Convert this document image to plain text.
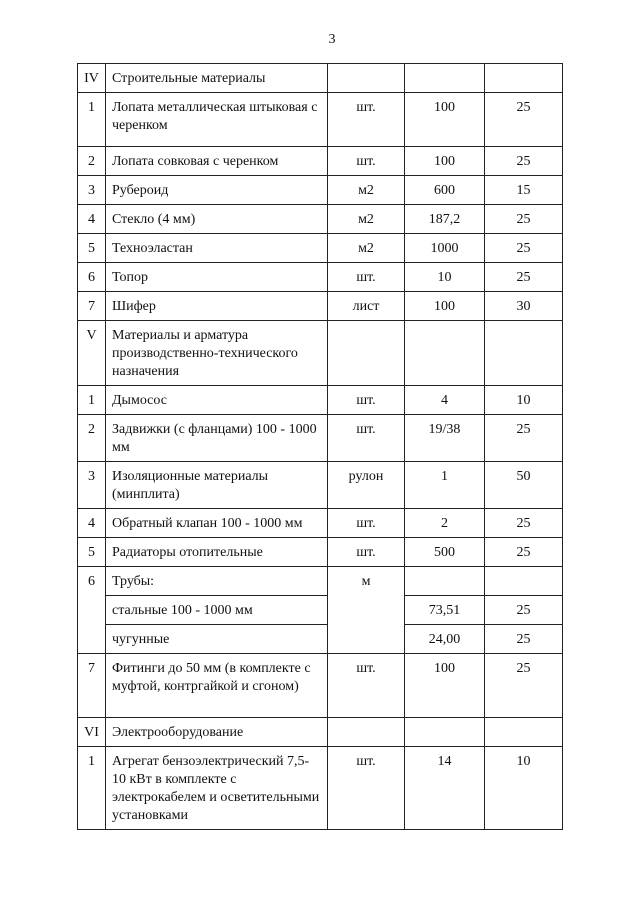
3
IV	Строительные материалы			
1	Лопата металлическая штыковая с черенком	шт.	100	25
2	Лопата совковая с черенком	шт.	100	25
3	Рубероид	м2	600	15
4	Стекло (4 мм)	м2	187,2	25
5	Техноэластан	м2	1000	25
6	Топор	шт.	10	25
7	Шифер	лист	100	30
V	Материалы и арматура производственно-технического назначения			
1	Дымосос	шт.	4	10
2	Задвижки (с фланцами) 100 - 1000 мм	шт.	19/38	25
3	Изоляционные материалы (минплита)	рулон	1	50
4	Обратный клапан 100 - 1000 мм	шт.	2	25
5	Радиаторы отопительные	шт.	500	25
6	Трубы:	м		
	стальные 100 - 1000 мм		73,51	25
	чугунные		24,00	25
7	Фитинги до 50 мм (в комплекте с муфтой, контргайкой и сгоном)	шт.	100	25
VI	Электрооборудование			
1	Агрегат бензоэлектрический 7,5-10 кВт в комплекте с электрокабелем и осветительными установками	шт.	14	10
